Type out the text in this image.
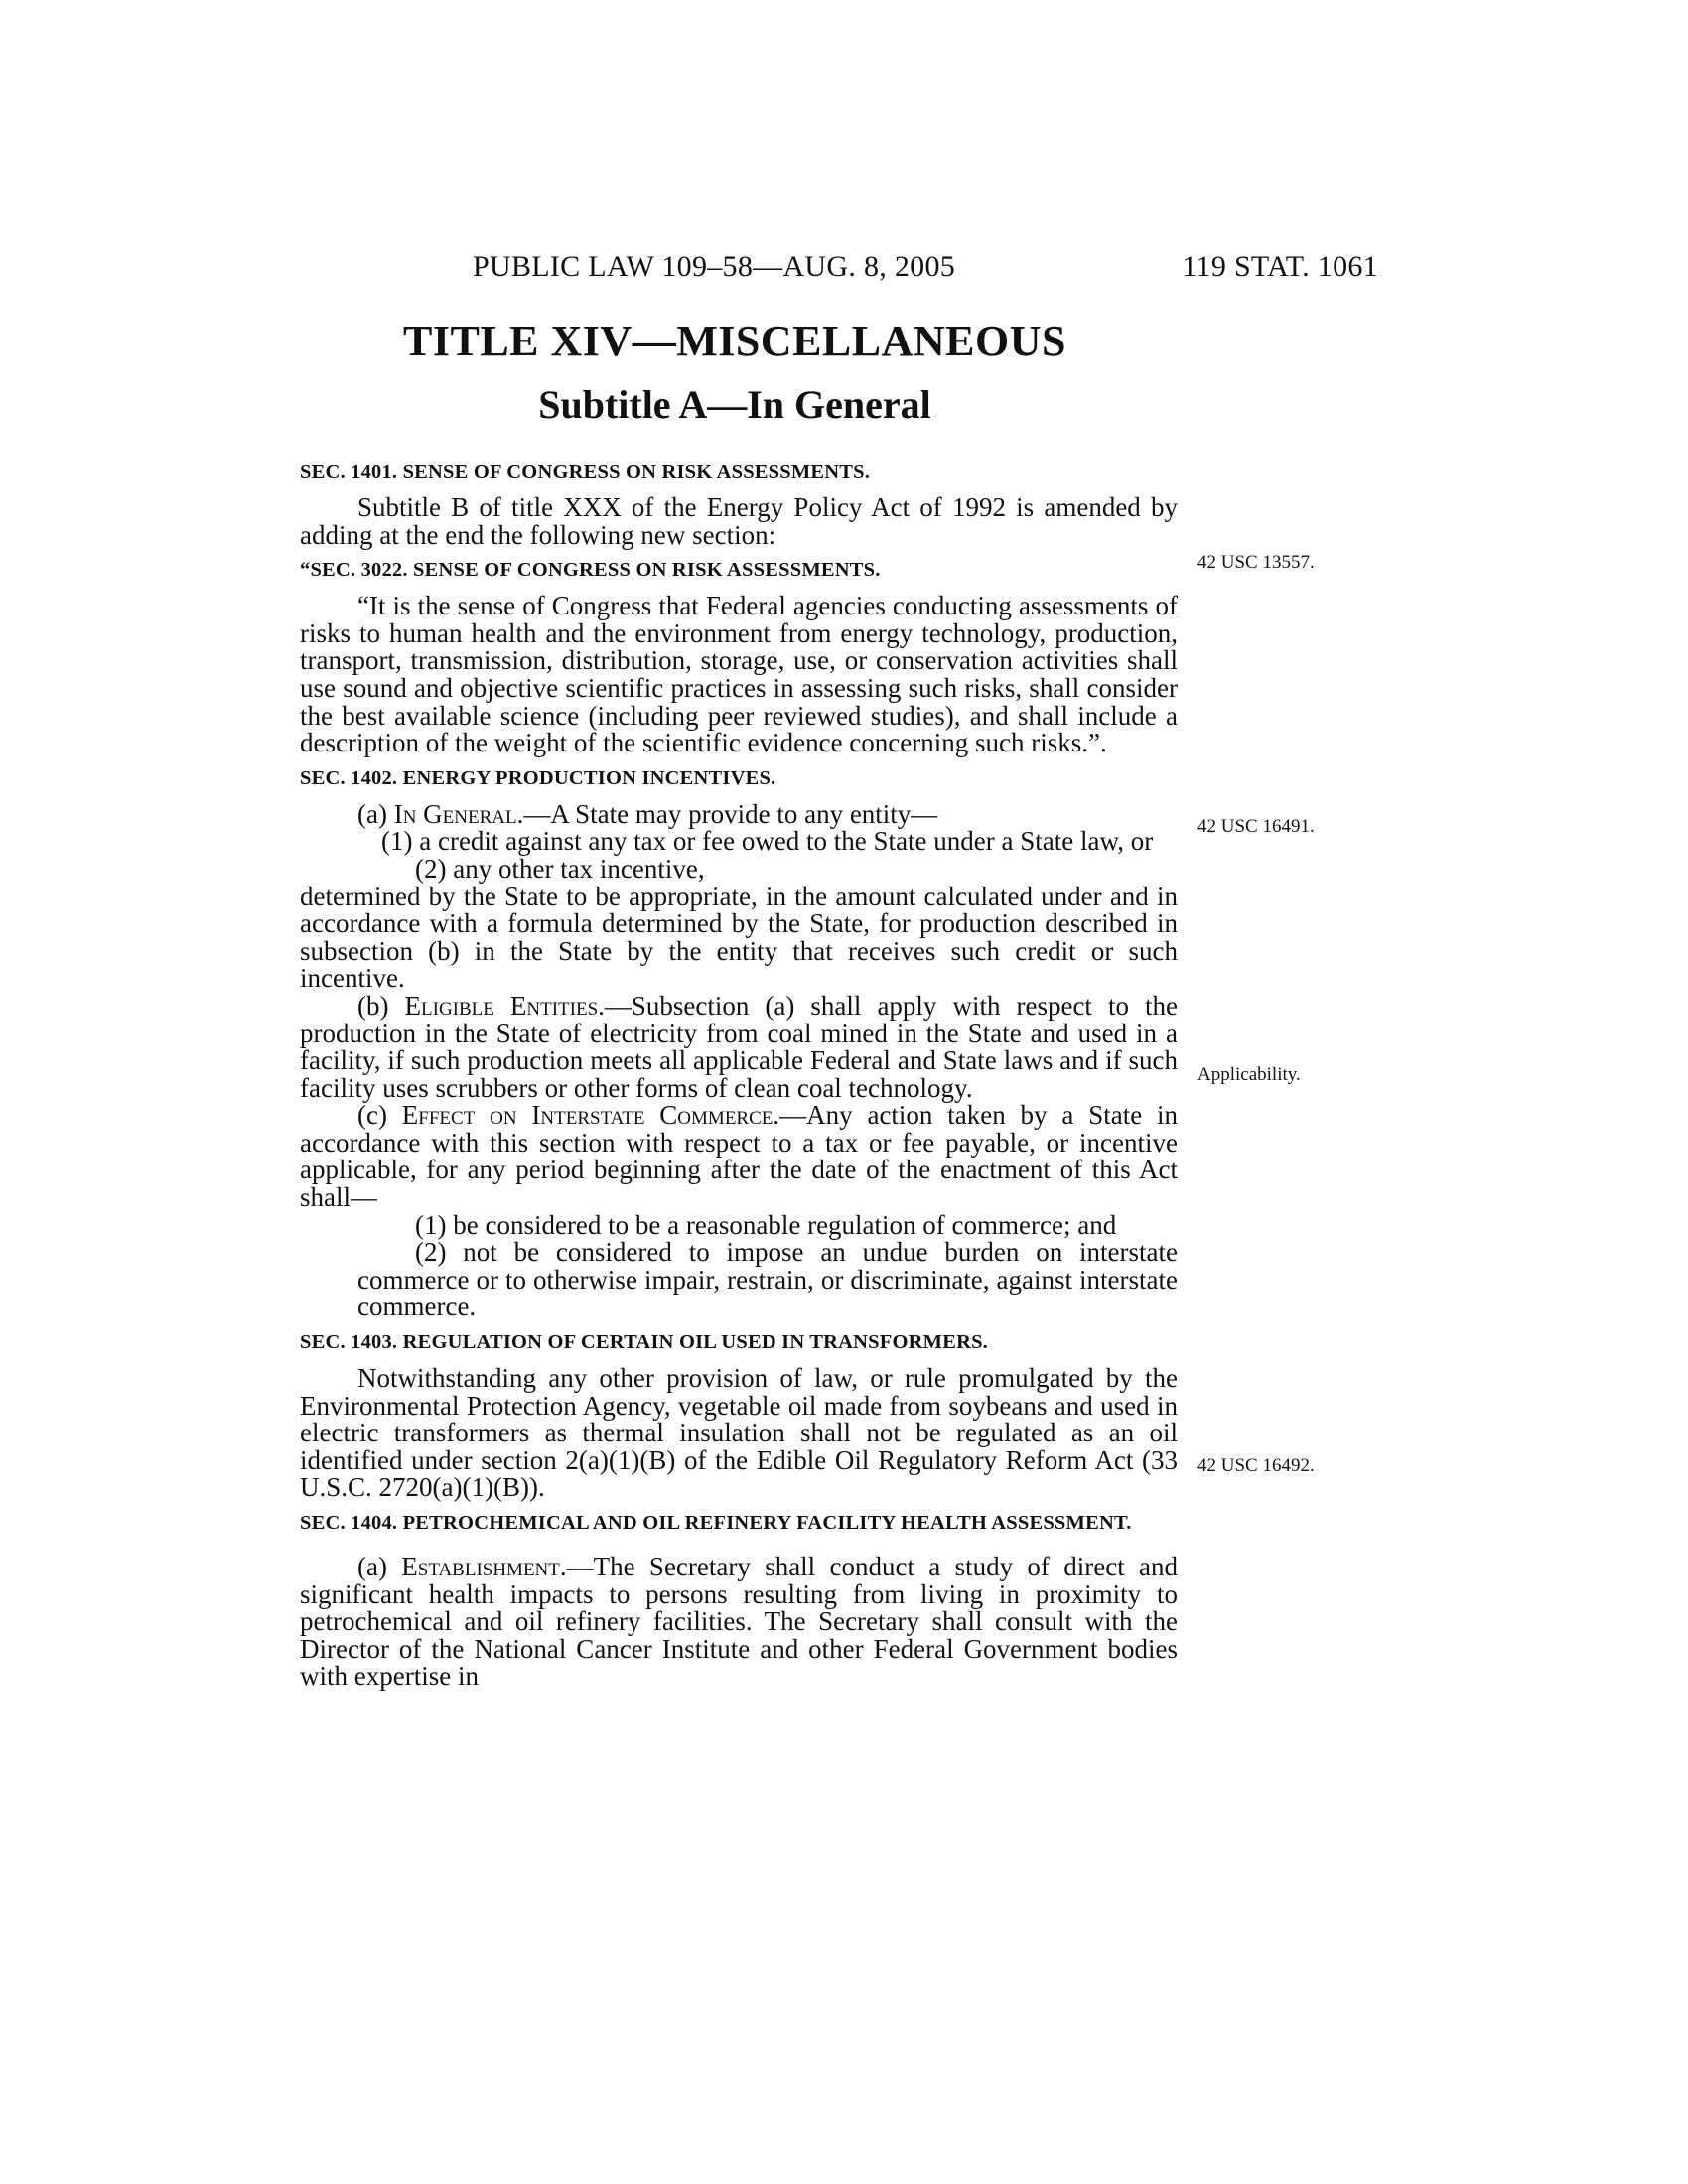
PUBLIC LAW 109–58—AUG. 8, 2005	119 STAT. 1061
TITLE XIV—MISCELLANEOUS
Subtitle A—In General
SEC. 1401. SENSE OF CONGRESS ON RISK ASSESSMENTS.

Subtitle B of title XXX of the Energy Policy Act of 1992 is amended by adding at the end the following new section:

“SEC. 3022. SENSE OF CONGRESS ON RISK ASSESSMENTS.

“It is the sense of Congress that Federal agencies conducting assessments of risks to human health and the environment from energy technology, production, transport, transmission, distribution, storage, use, or conservation activities shall use sound and objective scientific practices in assessing such risks, shall consider the best available science (including peer reviewed studies), and shall include a description of the weight of the scientific evidence concerning such risks.”.

SEC. 1402. ENERGY PRODUCTION INCENTIVES.

(a) In General.—A State may provide to any entity—

(1) a credit against any tax or fee owed to the State under a State law, or

(2) any other tax incentive,

determined by the State to be appropriate, in the amount calculated under and in accordance with a formula determined by the State, for production described in subsection (b) in the State by the entity that receives such credit or such incentive.

(b) Eligible Entities.—Subsection (a) shall apply with respect to the production in the State of electricity from coal mined in the State and used in a facility, if such production meets all applicable Federal and State laws and if such facility uses scrubbers or other forms of clean coal technology.

(c) Effect on Interstate Commerce.—Any action taken by a State in accordance with this section with respect to a tax or fee payable, or incentive applicable, for any period beginning after the date of the enactment of this Act shall—

(1) be considered to be a reasonable regulation of commerce; and

(2) not be considered to impose an undue burden on interstate commerce or to otherwise impair, restrain, or discriminate, against interstate commerce.

SEC. 1403. REGULATION OF CERTAIN OIL USED IN TRANSFORMERS.

Notwithstanding any other provision of law, or rule promulgated by the Environmental Protection Agency, vegetable oil made from soybeans and used in electric transformers as thermal insulation shall not be regulated as an oil identified under section 2(a)(1)(B) of the Edible Oil Regulatory Reform Act (33 U.S.C. 2720(a)(1)(B)).

SEC. 1404. PETROCHEMICAL AND OIL REFINERY FACILITY HEALTH ASSESSMENT.

(a) Establishment.—The Secretary shall conduct a study of direct and significant health impacts to persons resulting from living in proximity to petrochemical and oil refinery facilities. The Secretary shall consult with the Director of the National Cancer Institute and other Federal Government bodies with expertise in

42 USC 13557.
42 USC 16491.
Applicability.
42 USC 16492.
